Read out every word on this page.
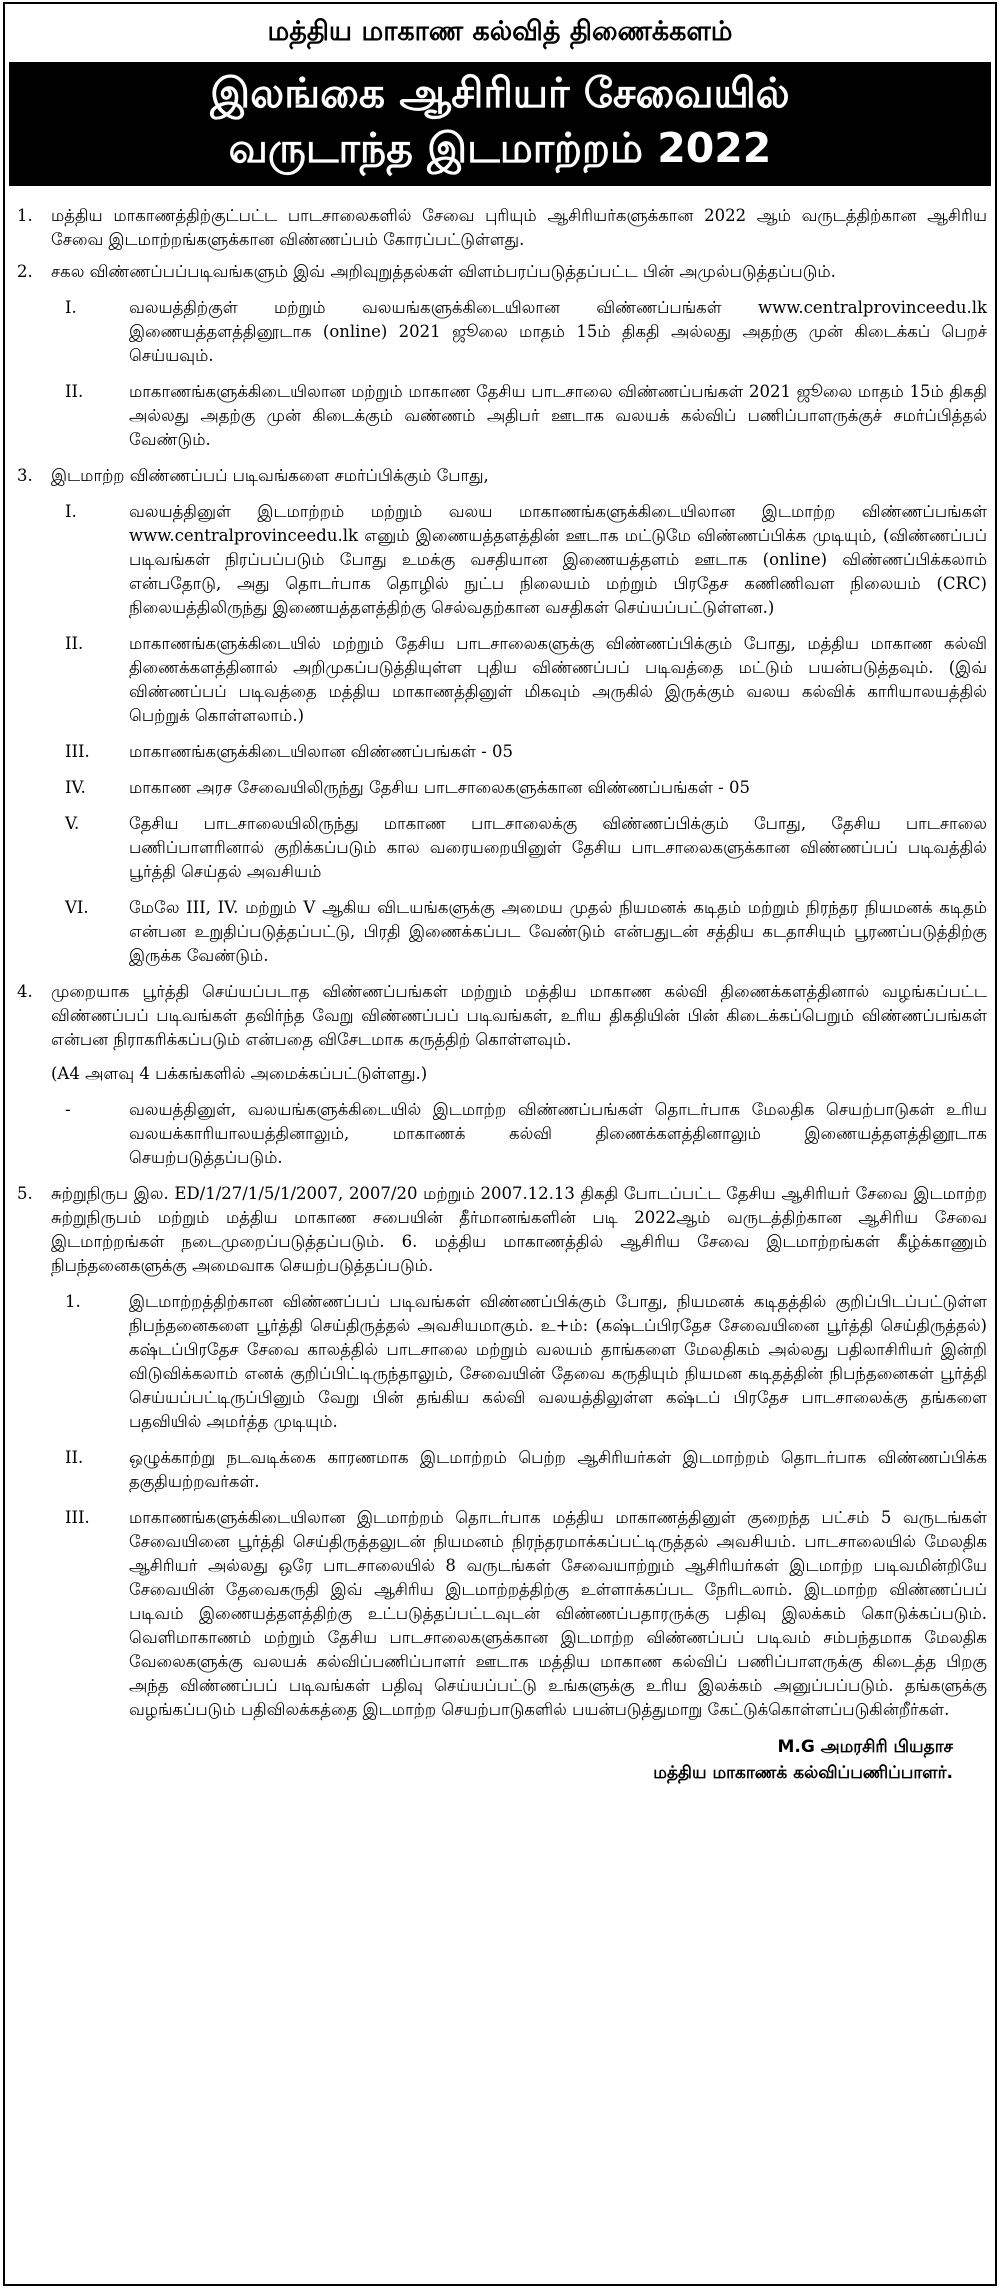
மத்திய மாகாண கல்வித் திணைக்களம்
இலங்கை ஆசிரியர் சேவையில்
வருடாந்த இடமாற்றம் 2022
1.	மத்திய மாகாணத்திற்குட்பட்ட பாடசாலைகளில் சேவை புரியும் ஆசிரியர்களுக்கான 2022 ஆம் வருடத்திற்கான ஆசிரிய சேவை இடமாற்றங்களுக்கான விண்ணப்பம் கோரப்பட்டுள்ளது.
2.	சகல விண்ணப்பப்படிவங்களும் இவ் அறிவுறுத்தல்கள் விளம்பரப்படுத்தப்பட்ட பின் அமுல்படுத்தப்படும்.
I.	வலயத்திற்குள் மற்றும் வலயங்களுக்கிடையிலான விண்ணப்பங்கள் www.centralprovinceedu.lk இணையத்தளத்தினூடாக (online) 2021 ஜூலை மாதம் 15ம் திகதி அல்லது அதற்கு முன் கிடைக்கப் பெறச் செய்யவும்.
II.	மாகாணங்களுக்கிடையிலான மற்றும் மாகாண தேசிய பாடசாலை விண்ணப்பங்கள் 2021 ஜூலை மாதம் 15ம் திகதி அல்லது அதற்கு முன் கிடைக்கும் வண்ணம் அதிபர் ஊடாக வலயக் கல்விப் பணிப்பாளருக்குச் சமர்ப்பித்தல் வேண்டும்.
3.	இடமாற்ற விண்ணப்பப் படிவங்களை சமர்ப்பிக்கும் போது,
I.	வலயத்தினுள் இடமாற்றம் மற்றும் வலய மாகாணங்களுக்கிடையிலான இடமாற்ற விண்ணப்பங்கள் www.centralprovinceedu.lk எனும் இணையத்தளத்தின் ஊடாக மட்டுமே விண்ணப்பிக்க முடியும், (விண்ணப்பப் படிவங்கள் நிரப்பப்படும் போது உமக்கு வசதியான இணையத்தளம் ஊடாக (online) விண்ணப்பிக்கலாம் என்பதோடு, அது தொடர்பாக தொழில் நுட்ப நிலையம் மற்றும் பிரதேச கணிணிவள நிலையம் (CRC) நிலையத்திலிருந்து இணையத்தளத்திற்கு செல்வதற்கான வசதிகள் செய்யப்பட்டுள்ளன.)
II.	மாகாணங்களுக்கிடையில் மற்றும் தேசிய பாடசாலைகளுக்கு விண்ணப்பிக்கும் போது, மத்திய மாகாண கல்வி திணைக்களத்தினால் அறிமுகப்படுத்தியுள்ள புதிய விண்ணப்பப் படிவத்தை மட்டும் பயன்படுத்தவும். (இவ் விண்ணப்பப் படிவத்தை மத்திய மாகாணத்தினுள் மிகவும் அருகில் இருக்கும் வலய கல்விக் காரியாலயத்தில் பெற்றுக் கொள்ளலாம்.)
III.	மாகாணங்களுக்கிடையிலான விண்ணப்பங்கள் - 05
IV.	மாகாண அரச சேவையிலிருந்து தேசிய பாடசாலைகளுக்கான விண்ணப்பங்கள் - 05
V.	தேசிய பாடசாலையிலிருந்து மாகாண பாடசாலைக்கு விண்ணப்பிக்கும் போது, தேசிய பாடசாலை பணிப்பாளரினால் குறிக்கப்படும் கால வரையறையினுள் தேசிய பாடசாலைகளுக்கான விண்ணப்பப் படிவத்தில் பூர்த்தி செய்தல் அவசியம்
VI.	மேலே III, IV. மற்றும் V ஆகிய விடயங்களுக்கு அமைய முதல் நியமனக் கடிதம் மற்றும் நிரந்தர நியமனக் கடிதம் என்பன உறுதிப்படுத்தப்பட்டு, பிரதி இணைக்கப்பட வேண்டும் என்பதுடன் சத்திய கடதாசியும் பூரணப்படுத்திற்கு இருக்க வேண்டும்.
4.	முறையாக பூர்த்தி செய்யப்படாத விண்ணப்பங்கள் மற்றும் மத்திய மாகாண கல்வி திணைக்களத்தினால் வழங்கப்பட்ட விண்ணப்பப் படிவங்கள் தவிர்ந்த வேறு விண்ணப்பப் படிவங்கள், உரிய திகதியின் பின் கிடைக்கப்பெறும் விண்ணப்பங்கள் என்பன நிராகரிக்கப்படும் என்பதை விசேடமாக கருத்திற் கொள்ளவும்.
(A4 அளவு 4 பக்கங்களில் அமைக்கப்பட்டுள்ளது.)
-	வலயத்தினுள், வலயங்களுக்கிடையில் இடமாற்ற விண்ணப்பங்கள் தொடர்பாக மேலதிக செயற்பாடுகள் உரிய வலயக்காரியாலயத்தினாலும், மாகாணக் கல்வி திணைக்களத்தினாலும் இணையத்தளத்தினூடாக செயற்படுத்தப்படும்.
5.	சுற்றுநிருப இல. ED/1/27/1/5/1/2007, 2007/20 மற்றும் 2007.12.13 திகதி போடப்பட்ட தேசிய ஆசிரியர் சேவை இடமாற்ற சுற்றுநிருபம் மற்றும் மத்திய மாகாண சபையின் தீர்மானங்களின் படி 2022ஆம் வருடத்திற்கான ஆசிரிய சேவை இடமாற்றங்கள் நடைமுறைப்படுத்தப்படும். 6. மத்திய மாகாணத்தில் ஆசிரிய சேவை இடமாற்றங்கள் கீழ்க்காணும் நிபந்தனைகளுக்கு அமைவாக செயற்படுத்தப்படும்.
1.	இடமாற்றத்திற்கான விண்ணப்பப் படிவங்கள் விண்ணப்பிக்கும் போது, நியமனக் கடிதத்தில் குறிப்பிடப்பட்டுள்ள நிபந்தனைகளை பூர்த்தி செய்திருத்தல் அவசியமாகும். உ+ம்: (கஷ்டப்பிரதேச சேவையினை பூர்த்தி செய்திருத்தல்) கஷ்டப்பிரதேச சேவை காலத்தில் பாடசாலை மற்றும் வலயம் தாங்களை மேலதிகம் அல்லது பதிலாசிரியர் இன்றி விடுவிக்கலாம் எனக் குறிப்பிட்டிருந்தாலும், சேவையின் தேவை கருதியும் நியமன கடிதத்தின் நிபந்தனைகள் பூர்த்தி செய்யப்பட்டிருப்பினும் வேறு பின் தங்கிய கல்வி வலயத்திலுள்ள கஷ்டப் பிரதேச பாடசாலைக்கு தங்களை பதவியில் அமர்த்த முடியும்.
II.	ஒழுக்காற்று நடவடிக்கை காரணமாக இடமாற்றம் பெற்ற ஆசிரியர்கள் இடமாற்றம் தொடர்பாக விண்ணப்பிக்க தகுதியற்றவர்கள்.
III.	மாகாணங்களுக்கிடையிலான இடமாற்றம் தொடர்பாக மத்திய மாகாணத்தினுள் குறைந்த பட்சம் 5 வருடங்கள் சேவையினை பூர்த்தி செய்திருத்தலுடன் நியமனம் நிரந்தரமாக்கப்பட்டிருத்தல் அவசியம். பாடசாலையில் மேலதிக ஆசிரியர் அல்லது ஒரே பாடசாலையில் 8 வருடங்கள் சேவையாற்றும் ஆசிரியர்கள் இடமாற்ற படிவமின்றியே சேவையின் தேவைகருதி இவ் ஆசிரிய இடமாற்றத்திற்கு உள்ளாக்கப்பட நேரிடலாம். இடமாற்ற விண்ணப்பப் படிவம் இணையத்தளத்திற்கு உட்படுத்தப்பட்டவுடன் விண்ணப்பதாரருக்கு பதிவு இலக்கம் கொடுக்கப்படும். வெளிமாகாணம் மற்றும் தேசிய பாடசாலைகளுக்கான இடமாற்ற விண்ணப்பப் படிவம் சம்பந்தமாக மேலதிக வேலைகளுக்கு வலயக் கல்விப்பணிப்பாளர் ஊடாக மத்திய மாகாண கல்விப் பணிப்பாளருக்கு கிடைத்த பிறகு அந்த விண்ணப்பப் படிவங்கள் பதிவு செய்யப்பட்டு உங்களுக்கு உரிய இலக்கம் அனுப்பப்படும். தங்களுக்கு வழங்கப்படும் பதிவிலக்கத்தை இடமாற்ற செயற்பாடுகளில் பயன்படுத்துமாறு கேட்டுக்கொள்ளப்படுகின்றீர்கள்.
M.G அமரசிரி பியதாச
மத்திய மாகாணக் கல்விப்பணிப்பாளர்.
